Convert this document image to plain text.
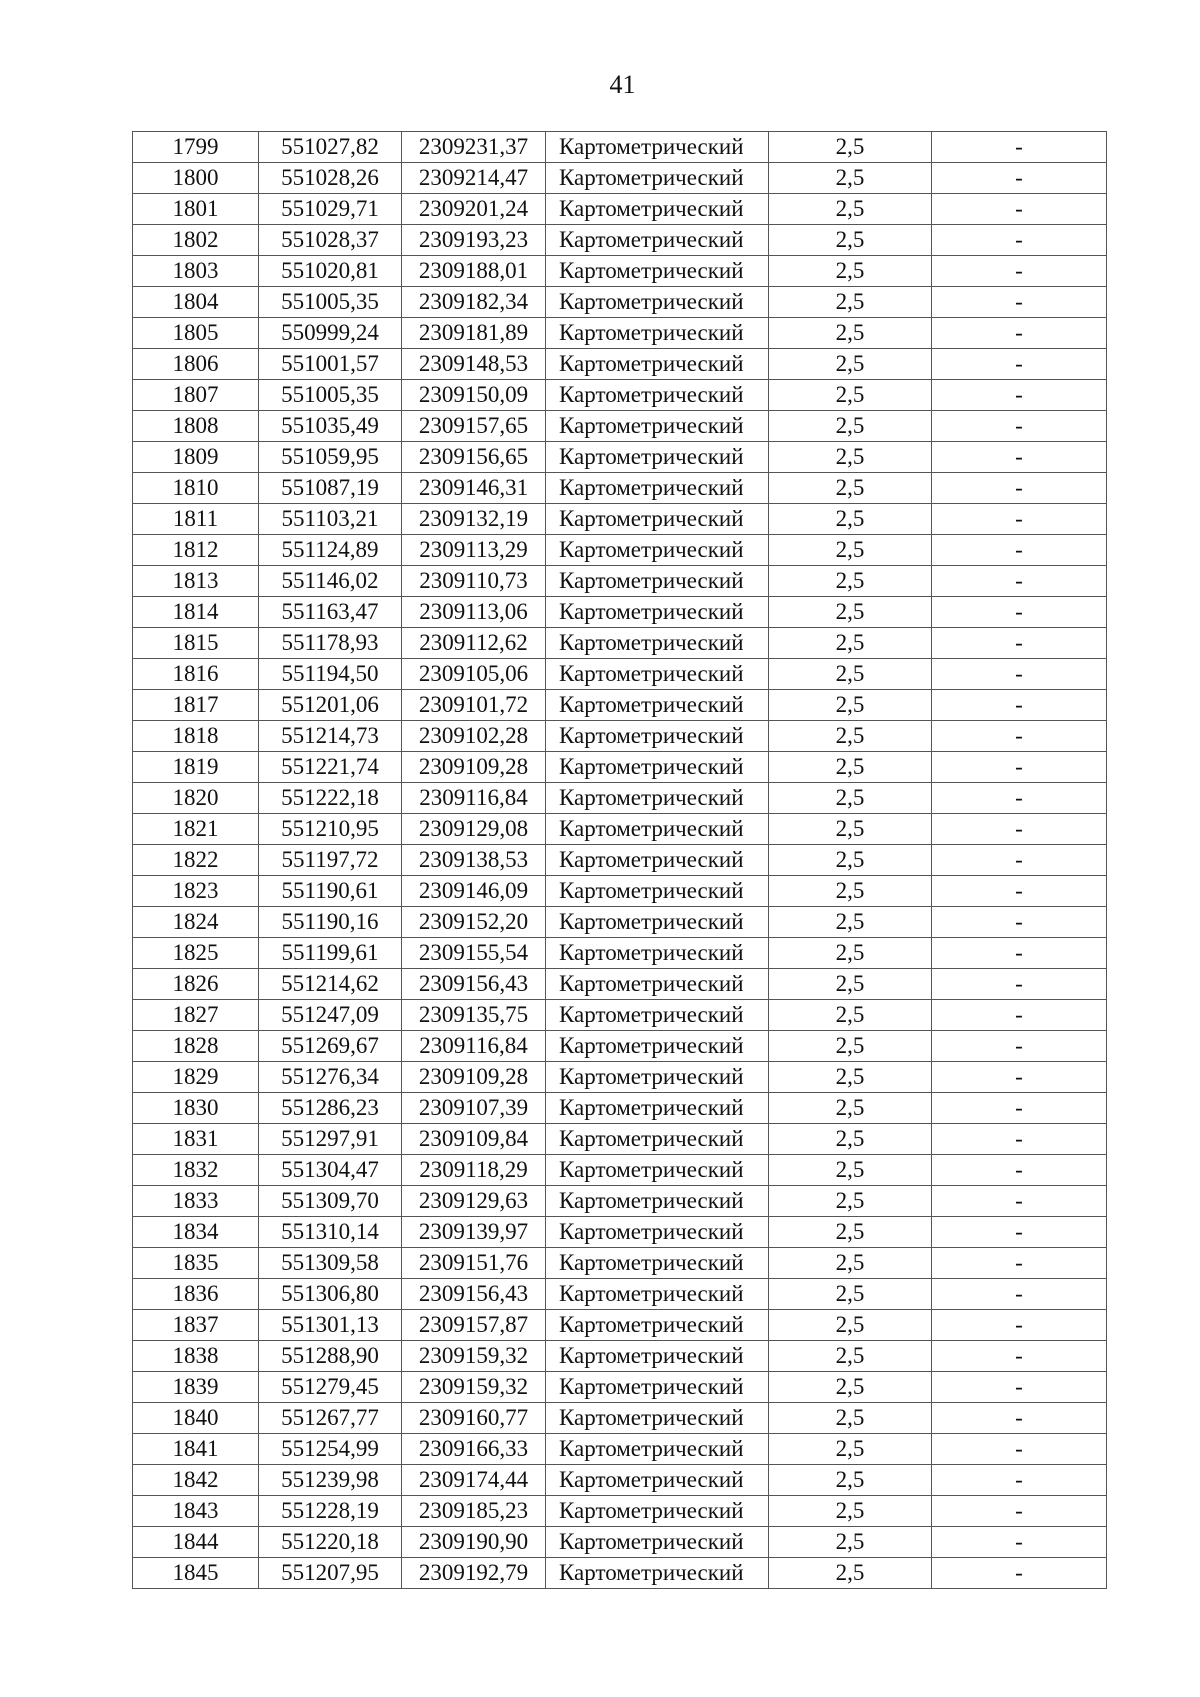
41
1799	551027,82	2309231,37	Картометрический	2,5	-
1800	551028,26	2309214,47	Картометрический	2,5	-
1801	551029,71	2309201,24	Картометрический	2,5	-
1802	551028,37	2309193,23	Картометрический	2,5	-
1803	551020,81	2309188,01	Картометрический	2,5	-
1804	551005,35	2309182,34	Картометрический	2,5	-
1805	550999,24	2309181,89	Картометрический	2,5	-
1806	551001,57	2309148,53	Картометрический	2,5	-
1807	551005,35	2309150,09	Картометрический	2,5	-
1808	551035,49	2309157,65	Картометрический	2,5	-
1809	551059,95	2309156,65	Картометрический	2,5	-
1810	551087,19	2309146,31	Картометрический	2,5	-
1811	551103,21	2309132,19	Картометрический	2,5	-
1812	551124,89	2309113,29	Картометрический	2,5	-
1813	551146,02	2309110,73	Картометрический	2,5	-
1814	551163,47	2309113,06	Картометрический	2,5	-
1815	551178,93	2309112,62	Картометрический	2,5	-
1816	551194,50	2309105,06	Картометрический	2,5	-
1817	551201,06	2309101,72	Картометрический	2,5	-
1818	551214,73	2309102,28	Картометрический	2,5	-
1819	551221,74	2309109,28	Картометрический	2,5	-
1820	551222,18	2309116,84	Картометрический	2,5	-
1821	551210,95	2309129,08	Картометрический	2,5	-
1822	551197,72	2309138,53	Картометрический	2,5	-
1823	551190,61	2309146,09	Картометрический	2,5	-
1824	551190,16	2309152,20	Картометрический	2,5	-
1825	551199,61	2309155,54	Картометрический	2,5	-
1826	551214,62	2309156,43	Картометрический	2,5	-
1827	551247,09	2309135,75	Картометрический	2,5	-
1828	551269,67	2309116,84	Картометрический	2,5	-
1829	551276,34	2309109,28	Картометрический	2,5	-
1830	551286,23	2309107,39	Картометрический	2,5	-
1831	551297,91	2309109,84	Картометрический	2,5	-
1832	551304,47	2309118,29	Картометрический	2,5	-
1833	551309,70	2309129,63	Картометрический	2,5	-
1834	551310,14	2309139,97	Картометрический	2,5	-
1835	551309,58	2309151,76	Картометрический	2,5	-
1836	551306,80	2309156,43	Картометрический	2,5	-
1837	551301,13	2309157,87	Картометрический	2,5	-
1838	551288,90	2309159,32	Картометрический	2,5	-
1839	551279,45	2309159,32	Картометрический	2,5	-
1840	551267,77	2309160,77	Картометрический	2,5	-
1841	551254,99	2309166,33	Картометрический	2,5	-
1842	551239,98	2309174,44	Картометрический	2,5	-
1843	551228,19	2309185,23	Картометрический	2,5	-
1844	551220,18	2309190,90	Картометрический	2,5	-
1845	551207,95	2309192,79	Картометрический	2,5	-
